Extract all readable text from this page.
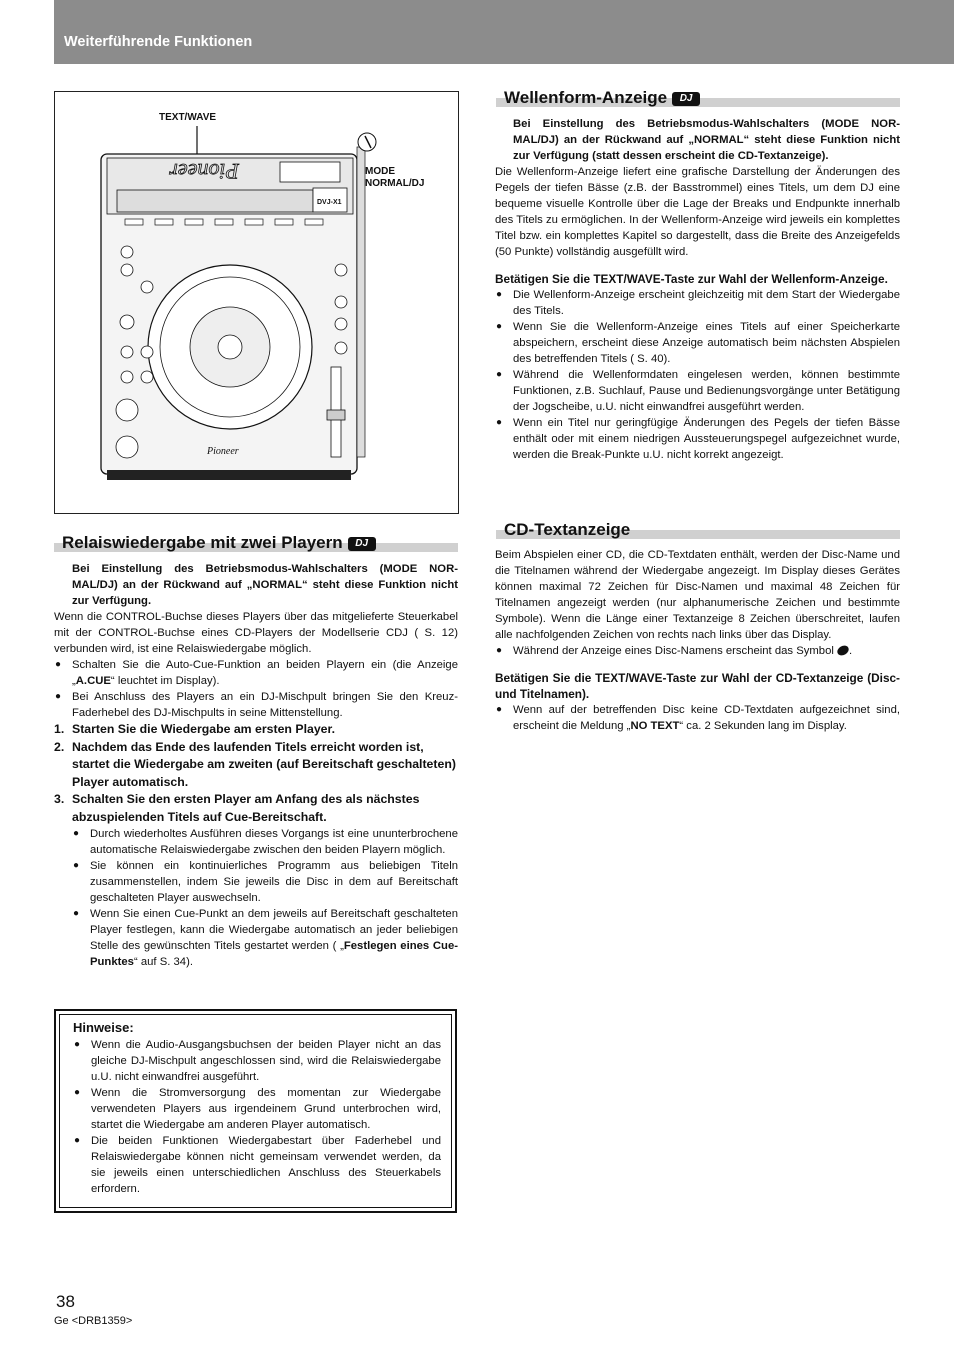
Weiterführende Funktionen
TEXT/WAVE
MODE
NORMAL/DJ
Pioneer
DVJ-X1
Pioneer
Relaiswiedergabe mit zwei Playern DJ

Bei Einstellung des Betriebsmodus-Wahlschalters (MODE NOR-MAL/DJ) an der Rückwand auf „NORMAL“ steht diese Funktion nicht zur Verfügung.

Wenn die CONTROL-Buchse dieses Players über das mitgelieferte Steuerkabel mit der CONTROL-Buchse eines CD-Players der Modellserie CDJ ( S. 12) verbunden wird, ist eine Relaiswiedergabe möglich.

● Schalten Sie die Auto-Cue-Funktion an beiden Playern ein (die Anzeige „A.CUE“ leuchtet im Display).
● Bei Anschluss des Players an ein DJ-Mischpult bringen Sie den Kreuz-Faderhebel des DJ-Mischpults in seine Mittenstellung.
1. Starten Sie die Wiedergabe am ersten Player.
2. Nachdem das Ende des laufenden Titels erreicht worden ist, startet die Wiedergabe am zweiten (auf Bereitschaft geschalteten) Player automatisch.
3. Schalten Sie den ersten Player am Anfang des als nächstes abzuspielenden Titels auf Cue-Bereitschaft.
● Durch wiederholtes Ausführen dieses Vorgangs ist eine ununterbrochene automatische Relaiswiedergabe zwischen den beiden Playern möglich.
● Sie können ein kontinuierliches Programm aus beliebigen Titeln zusammenstellen, indem Sie jeweils die Disc in dem auf Bereitschaft geschalteten Player auswechseln.
● Wenn Sie einen Cue-Punkt an dem jeweils auf Bereitschaft geschalteten Player festlegen, kann die Wiedergabe automatisch an jeder beliebigen Stelle des gewünschten Titels gestartet werden ( „Festlegen eines Cue-Punktes“ auf S. 34).
Hinweise:
● Wenn die Audio-Ausgangsbuchsen der beiden Player nicht an das gleiche DJ-Mischpult angeschlossen sind, wird die Relaiswiedergabe u.U. nicht einwandfrei ausgeführt.
● Wenn die Stromversorgung des momentan zur Wiedergabe verwendeten Players aus irgendeinem Grund unterbrochen wird, startet die Wiedergabe am anderen Player automatisch.
● Die beiden Funktionen Wiedergabestart über Faderhebel und Relaiswiedergabe können nicht gemeinsam verwendet werden, da sie jeweils einen unterschiedlichen Anschluss des Steuerkabels erfordern.
Wellenform-Anzeige DJ

Bei Einstellung des Betriebsmodus-Wahlschalters (MODE NOR-MAL/DJ) an der Rückwand auf „NORMAL“ steht diese Funktion nicht zur Verfügung (statt dessen erscheint die CD-Textanzeige).

Die Wellenform-Anzeige liefert eine grafische Darstellung der Änderungen des Pegels der tiefen Bässe (z.B. der Basstrommel) eines Titels, um dem DJ eine bequeme visuelle Kontrolle über die Lage der Breaks und Endpunkte innerhalb des Titels zu ermöglichen. In der Wellenform-Anzeige wird jeweils ein komplettes Titel bzw. ein komplettes Kapitel so dargestellt, dass die Breite des Anzeigefelds (50 Punkte) vollständig ausgefüllt wird.

Betätigen Sie die TEXT/WAVE-Taste zur Wahl der Wellenform-Anzeige.

● Die Wellenform-Anzeige erscheint gleichzeitig mit dem Start der Wiedergabe des Titels.
● Wenn Sie die Wellenform-Anzeige eines Titels auf einer Speicherkarte abspeichern, erscheint diese Anzeige automatisch beim nächsten Abspielen des betreffenden Titels ( S. 40).
● Während die Wellenformdaten eingelesen werden, können bestimmte Funktionen, z.B. Suchlauf, Pause und Bedienungsvorgänge unter Betätigung der Jogscheibe, u.U. nicht einwandfrei ausgeführt werden.
● Wenn ein Titel nur geringfügige Änderungen des Pegels der tiefen Bässe enthält oder mit einem niedrigen Aussteuerungspegel aufgezeichnet wurde, werden die Break-Punkte u.U. nicht korrekt angezeigt.
CD-Textanzeige

Beim Abspielen einer CD, die CD-Textdaten enthält, werden der Disc-Name und die Titelnamen während der Wiedergabe angezeigt. Im Display dieses Gerätes können maximal 72 Zeichen für Disc-Namen und maximal 48 Zeichen für Titelnamen angezeigt werden (nur alphanumerische Zeichen und bestimmte Symbole). Wenn die Länge einer Textanzeige 8 Zeichen überschreitet, laufen alle nachfolgenden Zeichen von rechts nach links über das Display.

● Während der Anzeige eines Disc-Namens erscheint das Symbol .

Betätigen Sie die TEXT/WAVE-Taste zur Wahl der CD-Textanzeige (Disc- und Titelnamen).

● Wenn auf der betreffenden Disc keine CD-Textdaten aufgezeichnet sind, erscheint die Meldung „NO TEXT“ ca. 2 Sekunden lang im Display.
38
Ge <DRB1359>
